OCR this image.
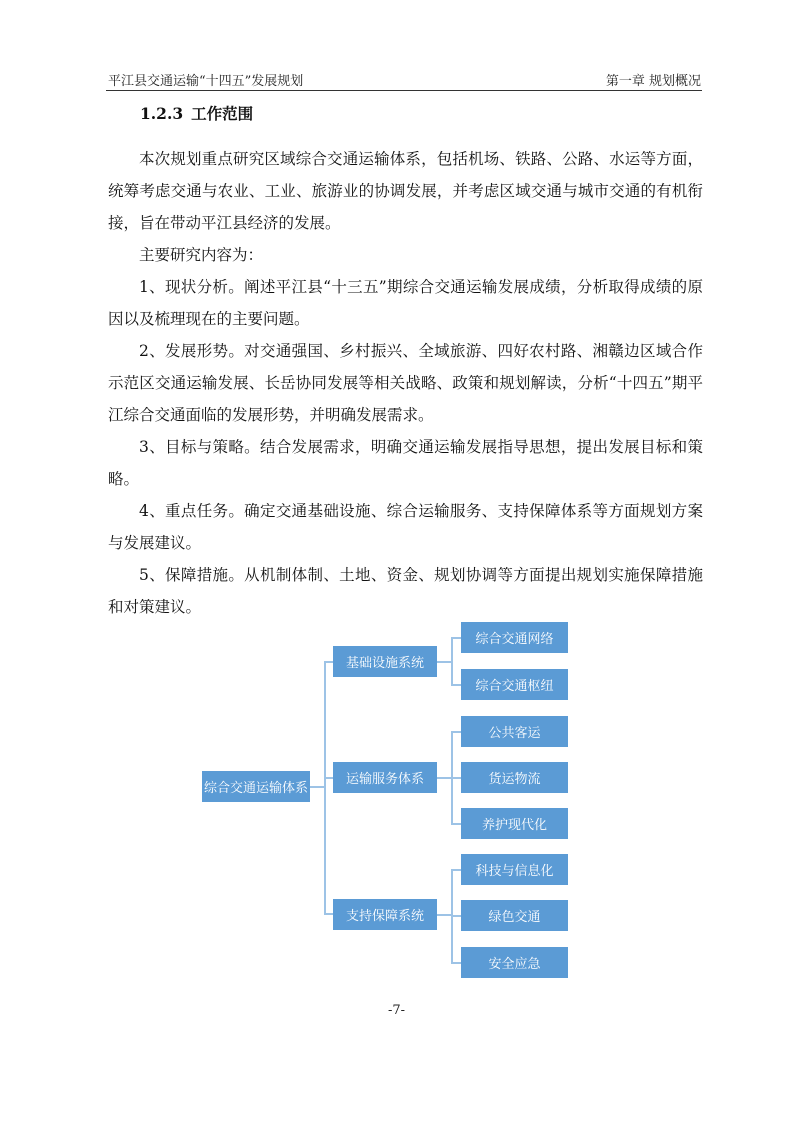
平江县交通运输“十四五”发展规划	第一章 规划概况
1.2.3 工作范围

本次规划重点研究区域综合交通运输体系，包括机场、铁路、公路、水运等方面，统筹考虑交通与农业、工业、旅游业的协调发展，并考虑区域交通与城市交通的有机衔接，旨在带动平江县经济的发展。

主要研究内容为：

1、现状分析。阐述平江县“十三五”期综合交通运输发展成绩，分析取得成绩的原因以及梳理现在的主要问题。

2、发展形势。对交通强国、乡村振兴、全域旅游、四好农村路、湘赣边区域合作示范区交通运输发展、长岳协同发展等相关战略、政策和规划解读，分析“十四五”期平江综合交通面临的发展形势，并明确发展需求。

3、目标与策略。结合发展需求，明确交通运输发展指导思想，提出发展目标和策略。

4、重点任务。确定交通基础设施、综合运输服务、支持保障体系等方面规划方案与发展建议。

5、保障措施。从机制体制、土地、资金、规划协调等方面提出规划实施保障措施和对策建议。

综合交通运输体系
基础设施系统
运输服务体系
支持保障系统
综合交通网络
综合交通枢纽
公共客运
货运物流
养护现代化
科技与信息化
绿色交通
安全应急
-7-
